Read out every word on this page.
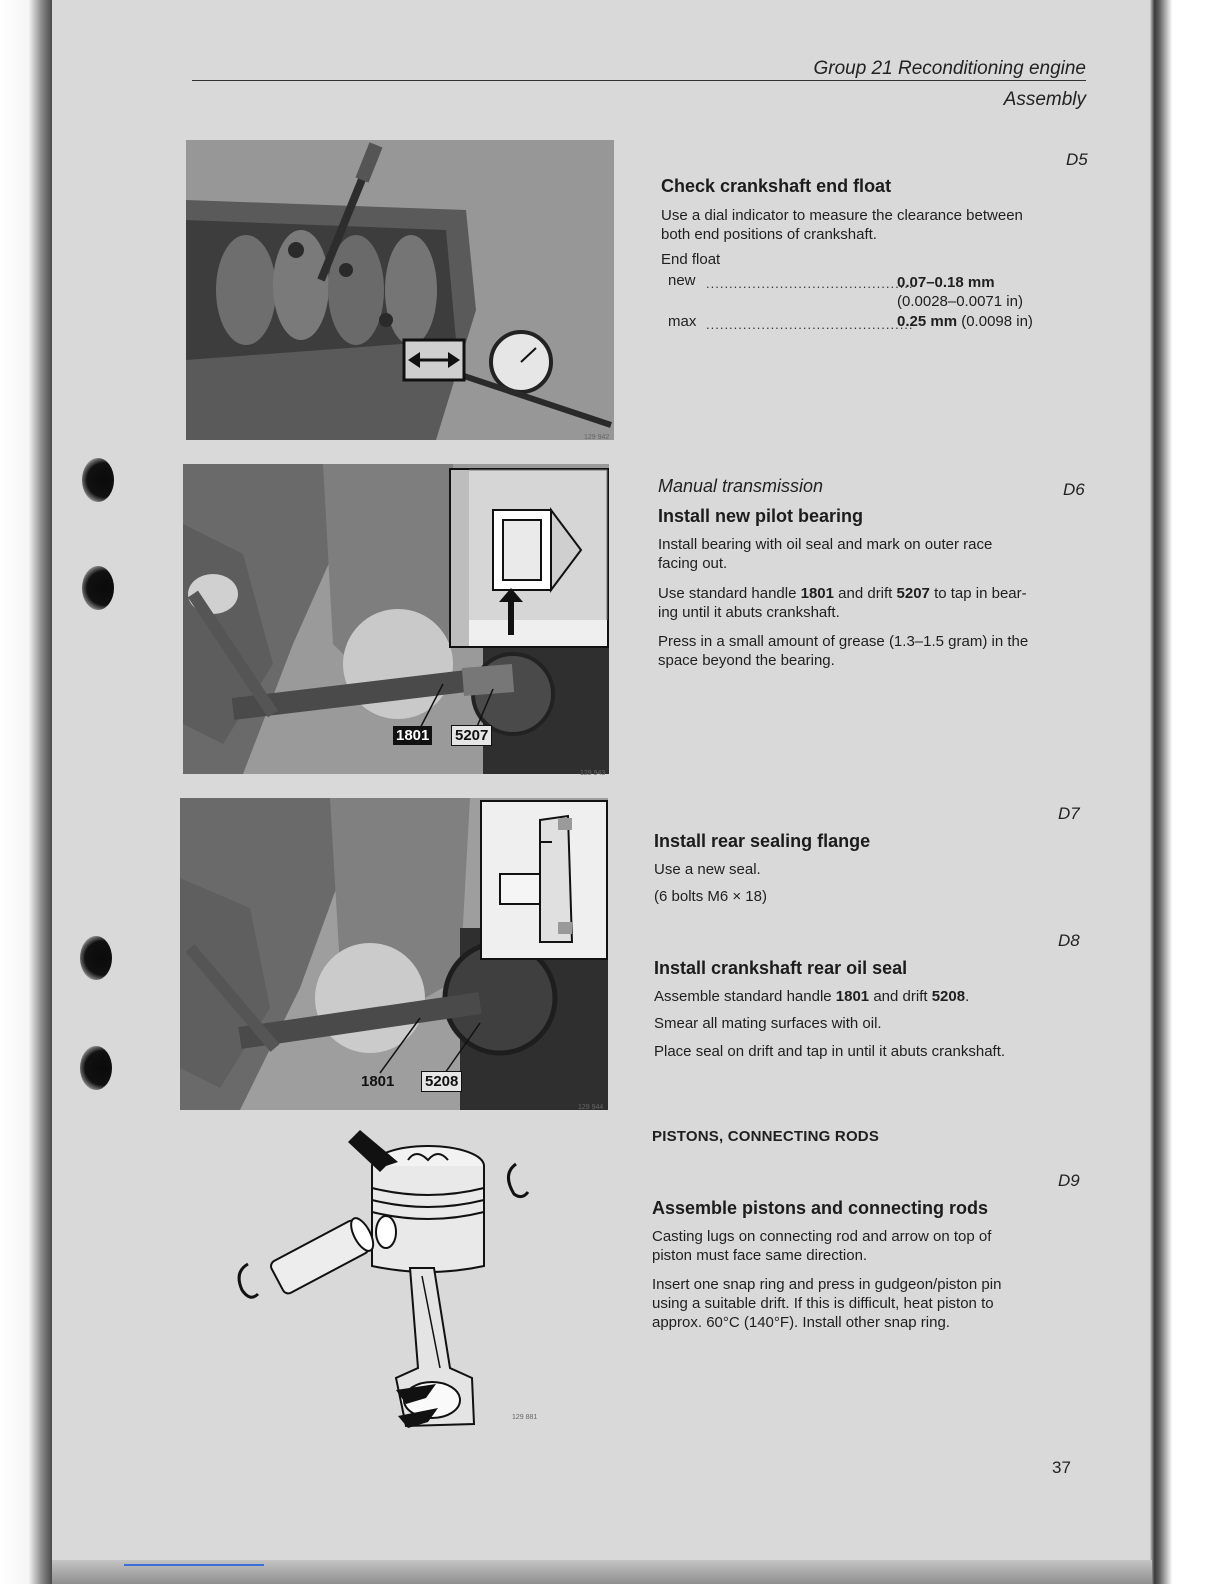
Group 21 Reconditioning engine
Assembly
129 942
D5
Check crankshaft end float
Use a dial indicator to measure the clearance between
both end positions of crankshaft.
End float
new .............................................
0.07–0.18 mm
(0.0028–0.0071 in)
max .............................................
0.25 mm (0.0098 in)
1801 5207
129 943
Manual transmission	D6
Install new pilot bearing
Install bearing with oil seal and mark on outer race
facing out.
Use standard handle 1801 and drift 5207 to tap in bear-
ing until it abuts crankshaft.
Press in a small amount of grease (1.3–1.5 gram) in the
space beyond the bearing.
1801 5208
129 944
D7
Install rear sealing flange
Use a new seal.
(6 bolts M6 × 18)
D8
Install crankshaft rear oil seal
Assemble standard handle 1801 and drift 5208.
Smear all mating surfaces with oil.
Place seal on drift and tap in until it abuts crankshaft.
129 881
PISTONS, CONNECTING RODS
D9
Assemble pistons and connecting rods
Casting lugs on connecting rod and arrow on top of
piston must face same direction.
Insert one snap ring and press in gudgeon/piston pin
using a suitable drift. If this is difficult, heat piston to
approx. 60°C (140°F). Install other snap ring.
37
